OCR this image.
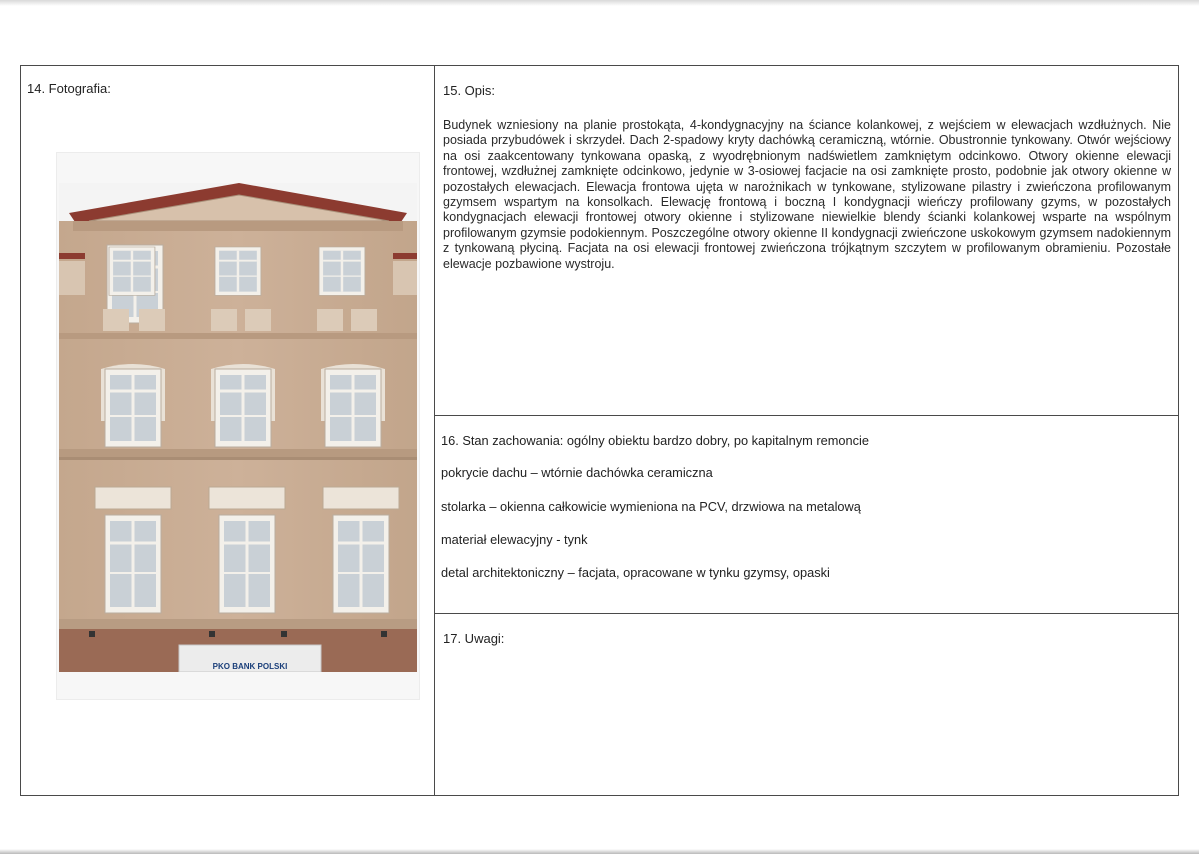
14. Fotografia:
PKO BANK POLSKI
15. Opis:
Budynek wzniesiony na planie prostokąta, 4-kondygnacyjny na ściance kolankowej, z wejściem w elewacjach wzdłużnych. Nie posiada przybudówek i skrzydeł. Dach 2-spadowy kryty dachówką ceramiczną, wtórnie. Obustronnie tynkowany. Otwór wejściowy na osi zaakcentowany tynkowana opaską, z wyodrębnionym nadświetlem zamkniętym odcinkowo. Otwory okienne elewacji frontowej, wzdłużnej zamknięte odcinkowo, jedynie w 3-osiowej facjacie na osi zamknięte prosto, podobnie jak otwory okienne w pozostałych elewacjach. Elewacja frontowa ujęta w narożnikach w tynkowane, stylizowane pilastry i zwieńczona profilowanym gzymsem wspartym na konsolkach. Elewację frontową i boczną I kondygnacji wieńczy profilowany gzyms, w pozostałych kondygnacjach elewacji frontowej otwory okienne i stylizowane niewielkie blendy ścianki kolankowej wsparte na wspólnym profilowanym gzymsie podokiennym. Poszczególne otwory okienne II kondygnacji zwieńczone uskokowym gzymsem nadokiennym z tynkowaną płyciną. Facjata na osi elewacji frontowej zwieńczona trójkątnym szczytem w profilowanym obramieniu. Pozostałe elewacje pozbawione wystroju.
16. Stan zachowania: ogólny obiektu bardzo dobry, po kapitalnym remoncie
pokrycie dachu – wtórnie dachówka ceramiczna
stolarka – okienna całkowicie wymieniona na PCV, drzwiowa na metalową
materiał elewacyjny - tynk
detal architektoniczny – facjata, opracowane w tynku gzymsy, opaski
17. Uwagi:
